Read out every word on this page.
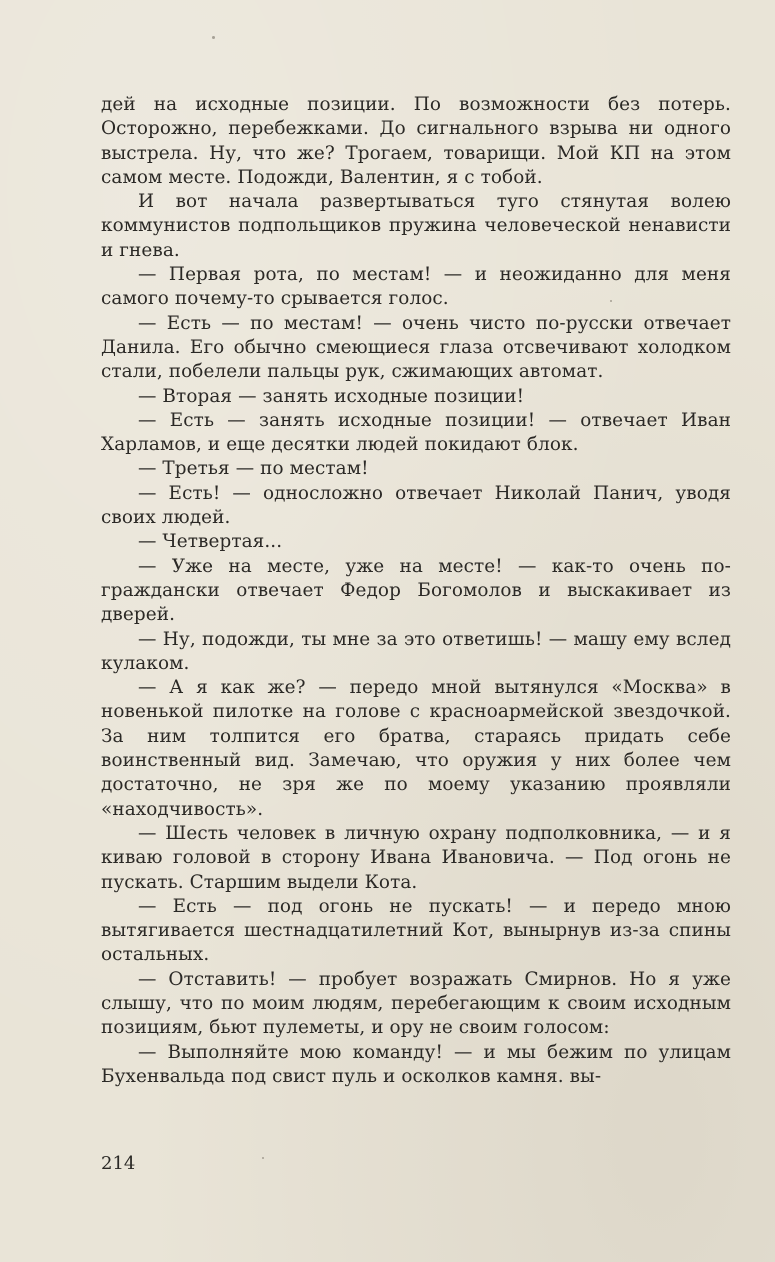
дей на исходные позиции. По возможности без потерь. Осторожно, перебежками. До сигнального взрыва ни одного выстрела. Ну, что же? Трогаем, товарищи. Мой КП на этом самом месте. Подожди, Валентин, я с тобой.

И вот начала развертываться туго стянутая волею коммунистов подпольщиков пружина человеческой ненависти и гнева.

— Первая рота, по местам! — и неожиданно для меня самого почему-то срывается голос.

— Есть — по местам! — очень чисто по-русски отвечает Данила. Его обычно смеющиеся глаза отсвечивают холодком стали, побелели пальцы рук, сжимающих автомат.

— Вторая — занять исходные позиции!

— Есть — занять исходные позиции! — отвечает Иван Харламов, и еще десятки людей покидают блок.

— Третья — по местам!

— Есть! — односложно отвечает Николай Панич, уводя своих людей.

— Четвертая...

— Уже на месте, уже на месте! — как-то очень по-граждански отвечает Федор Богомолов и выскакивает из дверей.

— Ну, подожди, ты мне за это ответишь! — машу ему вслед кулаком.

— А я как же? — передо мной вытянулся «Москва» в новенькой пилотке на голове с красноармейской звездочкой. За ним толпится его братва, стараясь придать себе воинственный вид. Замечаю, что оружия у них более чем достаточно, не зря же по моему указанию проявляли «находчивость».

— Шесть человек в личную охрану подполковника, — и я киваю головой в сторону Ивана Ивановича. — Под огонь не пускать. Старшим выдели Кота.

— Есть — под огонь не пускать! — и передо мною вытягивается шестнадцатилетний Кот, вынырнув из-за спины остальных.

— Отставить! — пробует возражать Смирнов. Но я уже слышу, что по моим людям, перебегающим к своим исходным позициям, бьют пулеметы, и ору не своим голосом:

— Выполняйте мою команду! — и мы бежим по улицам Бухенвальда под свист пуль и осколков камня. вы-

214
